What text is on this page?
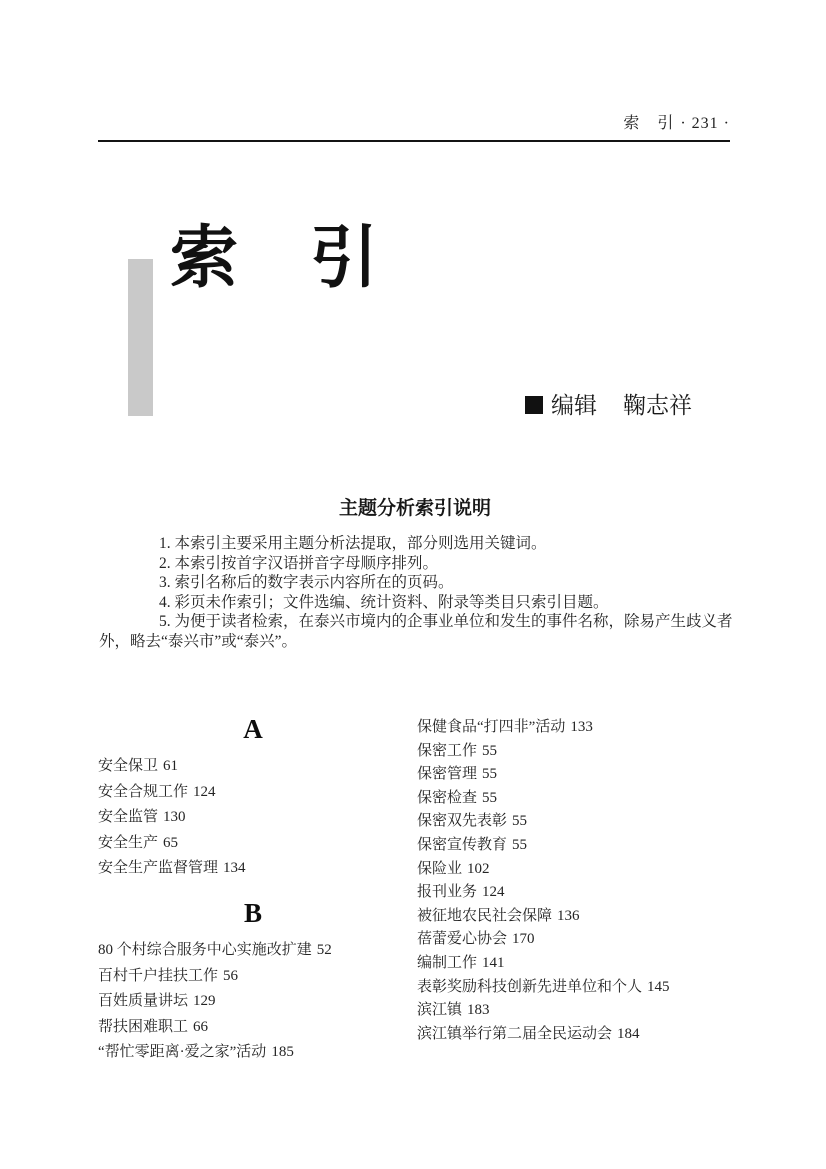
索　引 · 231 ·
索　引
编辑 鞠志祥
主题分析索引说明

1. 本索引主要采用主题分析法提取，部分则选用关键词。

2. 本索引按首字汉语拼音字母顺序排列。

3. 索引名称后的数字表示内容所在的页码。

4. 彩页未作索引；文件选编、统计资料、附录等类目只索引目题。

5. 为便于读者检索，在泰兴市境内的企事业单位和发生的事件名称，除易产生歧义者外，略去“泰兴市”或“泰兴”。

A
安全保卫 61
安全合规工作 124
安全监管 130
安全生产 65
安全生产监督管理 134
B
80 个村综合服务中心实施改扩建 52
百村千户挂扶工作 56
百姓质量讲坛 129
帮扶困难职工 66
“帮忙零距离·爱之家”活动 185
保健食品“打四非”活动 133
保密工作 55
保密管理 55
保密检查 55
保密双先表彰 55
保密宣传教育 55
保险业 102
报刊业务 124
被征地农民社会保障 136
蓓蕾爱心协会 170
编制工作 141
表彰奖励科技创新先进单位和个人 145
滨江镇 183
滨江镇举行第二届全民运动会 184
